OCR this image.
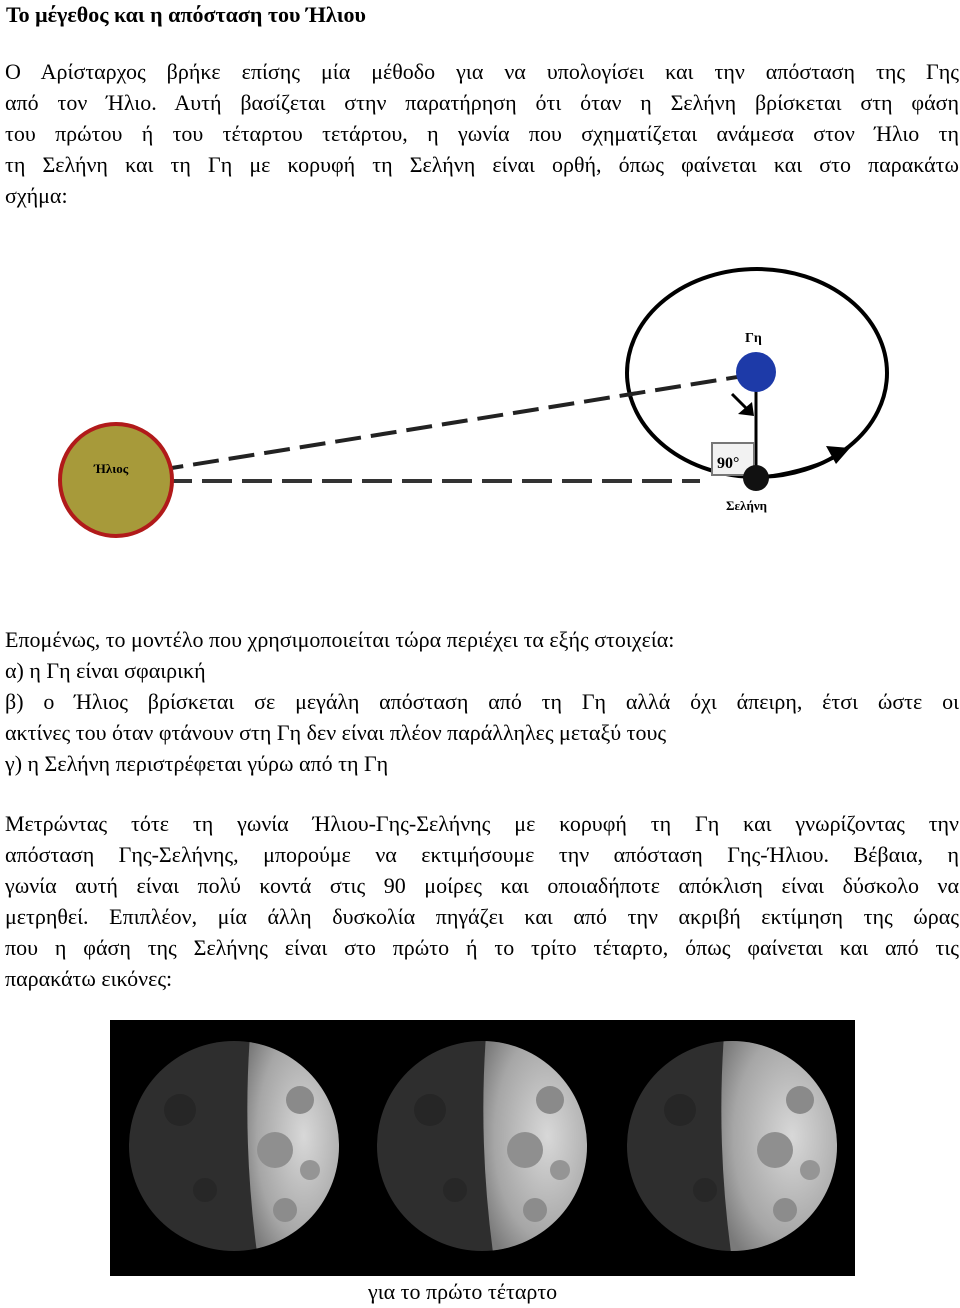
Το μέγεθος και η απόσταση του Ήλιου
Ο Αρίσταρχος βρήκε επίσης μία μέθοδο για να υπολογίσει και την απόσταση της Γης
από τον Ήλιο. Αυτή βασίζεται στην παρατήρηση ότι όταν η Σελήνη βρίσκεται στη φάση
του πρώτου ή του τέταρτου τετάρτου, η γωνία που σχηματίζεται ανάμεσα στον Ήλιο τη
τη Σελήνη και τη Γη με κορυφή τη Σελήνη είναι ορθή, όπως φαίνεται και στο παρακάτω
σχήμα:
90°
Ήλιος
Γη
Σελήνη
Επομένως, το μοντέλο που χρησιμοποιείται τώρα περιέχει τα εξής στοιχεία:
α) η Γη είναι σφαιρική
β) ο Ήλιος βρίσκεται σε μεγάλη απόσταση από τη Γη αλλά όχι άπειρη, έτσι ώστε οι
ακτίνες του όταν φτάνουν στη Γη δεν είναι πλέον παράλληλες μεταξύ τους
γ) η Σελήνη περιστρέφεται γύρω από τη Γη
Μετρώντας τότε τη γωνία Ήλιου-Γης-Σελήνης με κορυφή τη Γη και γνωρίζοντας την
απόσταση Γης-Σελήνης, μπορούμε να εκτιμήσουμε την απόσταση Γης-Ήλιου. Βέβαια, η
γωνία αυτή είναι πολύ κοντά στις 90 μοίρες και οποιαδήποτε απόκλιση είναι δύσκολο να
μετρηθεί. Επιπλέον, μία άλλη δυσκολία πηγάζει και από την ακριβή εκτίμηση της ώρας
που η φάση της Σελήνης είναι στο πρώτο ή το τρίτο τέταρτο, όπως φαίνεται και από τις
παρακάτω εικόνες:
για το πρώτο τέταρτο
